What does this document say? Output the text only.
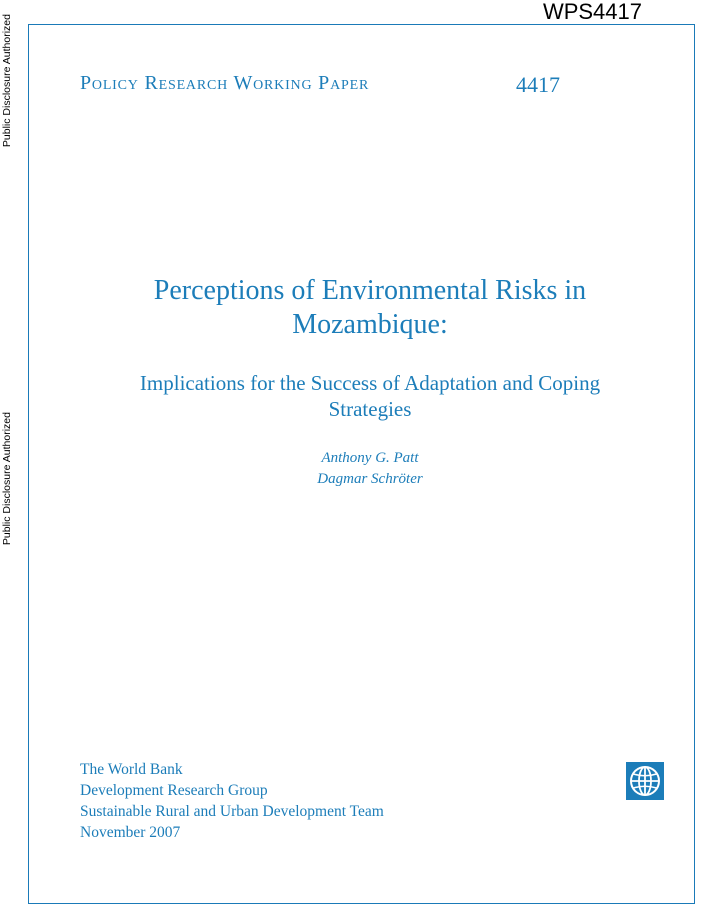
WPS4417
Public Disclosure Authorized
Public Disclosure Authorized
Policy Research Working Paper	4417
Perceptions of Environmental Risks in
Mozambique:
Implications for the Success of Adaptation and Coping
Strategies
Anthony G. Patt
Dagmar Schröter
The World Bank
Development Research Group
Sustainable Rural and Urban Development Team
November 2007
